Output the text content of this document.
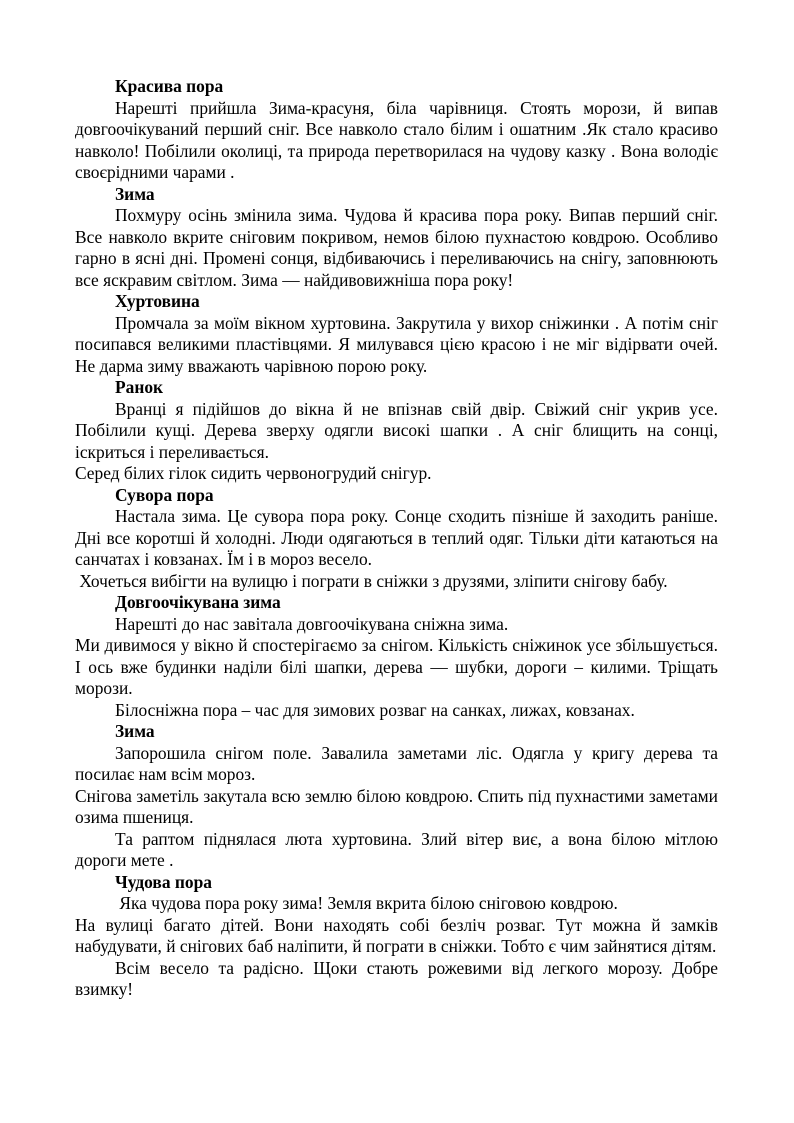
Красива пора

Нарешті прийшла Зима-красуня, біла чарівниця. Стоять морози, й випав довгоочікуваний перший сніг. Все навколо стало білим і ошатним .Як стало красиво навколо! Побілили околиці, та природа перетворилася на чудову казку . Вона володіє своєрідними чарами .

Зима

Похмуру осінь змінила зима. Чудова й красива пора року. Випав перший сніг. Все навколо вкрите сніговим покривом, немов білою пухнастою ковдрою. Особливо гарно в ясні дні. Промені сонця, відбиваючись і переливаючись на снігу, заповнюють все яскравим світлом. Зима — найдивовижніша пора року!

Хуртовина

Промчала за моїм вікном хуртовина. Закрутила у вихор сніжинки . А потім сніг посипався великими пластівцями. Я милувався цією красою і не міг відірвати очей. Не дарма зиму вважають чарівною порою року.

Ранок

Вранці я підійшов до вікна й не впізнав свій двір. Свіжий сніг укрив усе. Побілили кущі. Дерева зверху одягли високі шапки . А сніг блищить на сонці, іскриться і переливається.

Серед білих гілок сидить червоногрудий снігур.

Сувора пора

Настала зима. Це сувора пора року. Сонце сходить пізніше й заходить раніше. Дні все коротші й холодні. Люди одягаються в теплий одяг. Тільки діти катаються на санчатах і ковзанах. Їм і в мороз весело.

Хочеться вибігти на вулицю і пограти в сніжки з друзями, зліпити снігову бабу.

Довгоочікувана зима

Нарешті до нас завітала довгоочікувана сніжна зима.

Ми дивимося у вікно й спостерігаємо за снігом. Кількість сніжинок усе збільшується. І ось вже будинки наділи білі шапки, дерева — шубки, дороги – килими. Тріщать морози.

Білосніжна пора – час для зимових розваг на санках, лижах, ковзанах.

Зима

Запорошила снігом поле. Завалила заметами ліс. Одягла у кригу дерева та посилає нам всім мороз.

Снігова заметіль закутала всю землю білою ковдрою. Спить під пухнастими заметами озима пшениця.

Та раптом піднялася люта хуртовина. Злий вітер виє, а вона білою мітлою дороги мете .

Чудова пора

Яка чудова пора року зима! Земля вкрита білою сніговою ковдрою.

На вулиці багато дітей. Вони находять собі безліч розваг. Тут можна й замків набудувати, й снігових баб наліпити, й пограти в сніжки. Тобто є чим зайнятися дітям.

Всім весело та радісно. Щоки стають рожевими від легкого морозу. Добре взимку!
